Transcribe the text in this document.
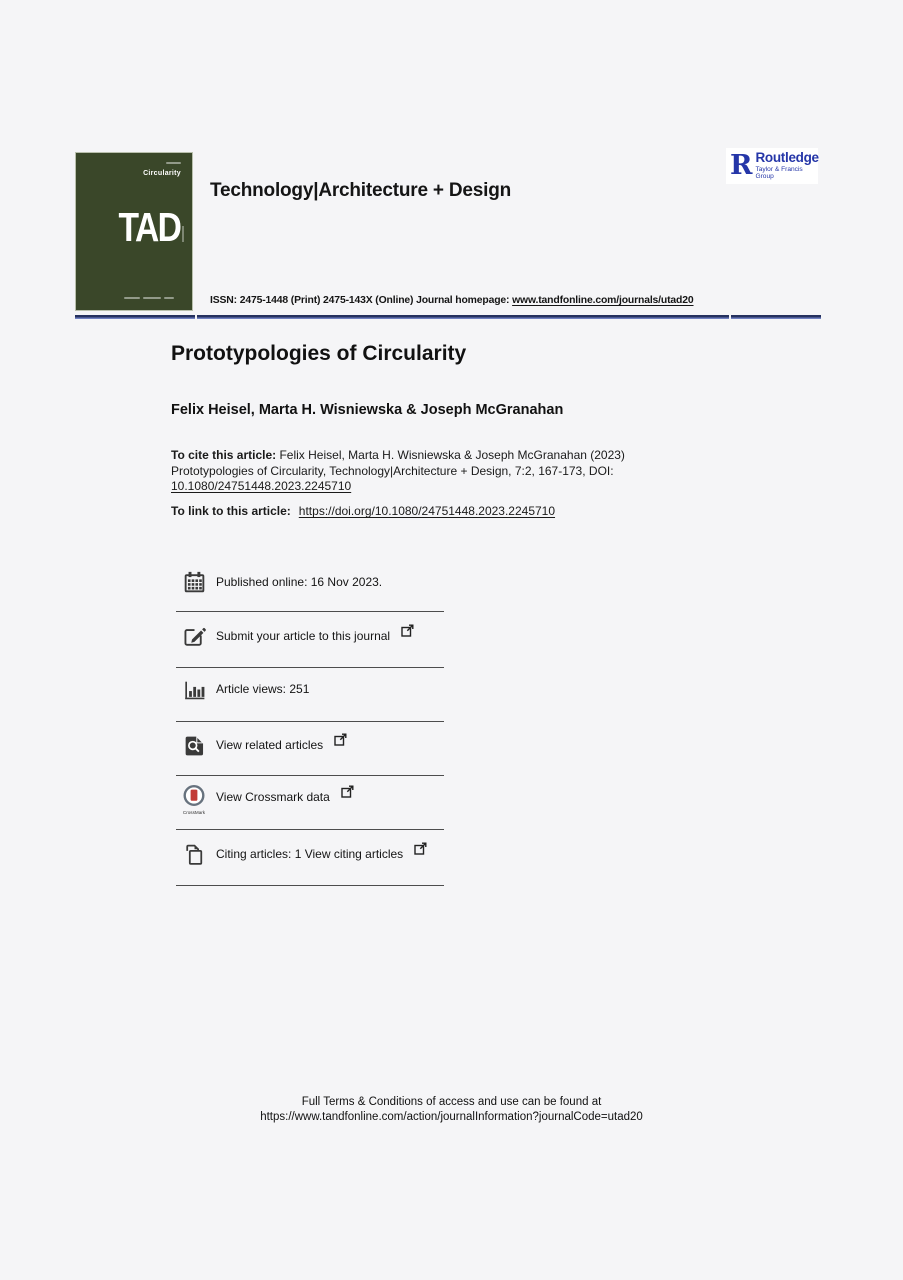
Circularity
TAD
R Routledge
Taylor & Francis Group
Technology|Architecture + Design
ISSN: 2475-1448 (Print) 2475-143X (Online) Journal homepage: www.tandfonline.com/journals/utad20
Prototypologies of Circularity
Felix Heisel, Marta H. Wisniewska & Joseph McGranahan

To cite this article: Felix Heisel, Marta H. Wisniewska & Joseph McGranahan (2023) Prototypologies of Circularity, Technology|Architecture + Design, 7:2, 167-173, DOI: 10.1080/24751448.2023.2245710

To link to this article: https://doi.org/10.1080/24751448.2023.2245710
Published online: 16 Nov 2023.
Submit your article to this journal
Article views: 251
View related articles
CrossMark
View Crossmark data
Citing articles: 1 View citing articles
Full Terms & Conditions of access and use can be found at
https://www.tandfonline.com/action/journalInformation?journalCode=utad20
